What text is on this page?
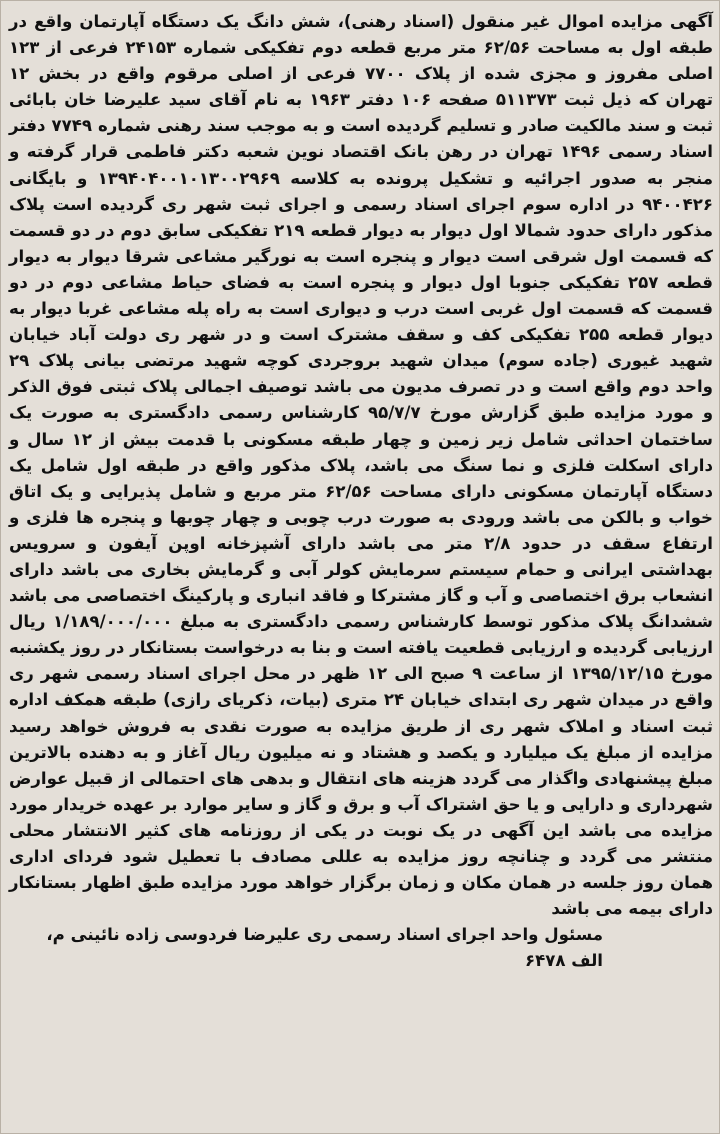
آگهی مزایده اموال غیر منقول (اسناد رهنی)، شش دانگ یک دستگاه آپارتمان واقع در طبقه اول به مساحت ۶۲/۵۶ متر مربع قطعه دوم تفکیکی شماره ۲۴۱۵۳ فرعی از ۱۲۳ اصلی مفروز و مجزی شده از پلاک ۷۷۰۰ فرعی از اصلی مرقوم واقع در بخش ۱۲ تهران که ذیل ثبت ۵۱۱۳۷۳ صفحه ۱۰۶ دفتر ۱۹۶۳ به نام آقای سید علیرضا خان بابائی ثبت و سند مالکیت صادر و تسلیم گردیده است و به موجب سند رهنی شماره ۷۷۴۹ دفتر اسناد رسمی ۱۴۹۶ تهران در رهن بانک اقتصاد نوین شعبه دکتر فاطمی قرار گرفته و منجر به صدور اجرائیه و تشکیل پرونده به کلاسه ۱۳۹۴۰۴۰۰۱۰۱۳۰۰۲۹۶۹ و بایگانی ۹۴۰۰۴۲۶ در اداره سوم اجرای اسناد رسمی و اجرای ثبت شهر ری گردیده است پلاک مذکور دارای حدود شمالا اول دیوار به دیوار قطعه ۲۱۹ تفکیکی سابق دوم در دو قسمت که قسمت اول شرقی است دیوار و پنجره است به نورگیر مشاعی شرقا دیوار به دیوار قطعه ۲۵۷ تفکیکی جنوبا اول دیوار و پنجره است به فضای حیاط مشاعی دوم در دو قسمت که قسمت اول غربی است درب و دیواری است به راه پله مشاعی غربا دیوار به دیوار قطعه ۲۵۵ تفکیکی کف و سقف مشترک است و در شهر ری دولت آباد خیابان شهید غیوری (جاده سوم) میدان شهید بروجردی کوچه شهید مرتضی بیانی پلاک ۲۹ واحد دوم واقع است و در تصرف مدیون می باشد توصیف اجمالی پلاک ثبتی فوق الذکر و مورد مزایده طبق گزارش مورخ ۹۵/۷/۷ کارشناس رسمی دادگستری به صورت یک ساختمان احداثی شامل زیر زمین و چهار طبقه مسکونی با قدمت بیش از ۱۲ سال و دارای اسکلت فلزی و نما سنگ می باشد، پلاک مذکور واقع در طبقه اول شامل یک دستگاه آپارتمان مسکونی دارای مساحت ۶۲/۵۶ متر مربع و شامل پذیرایی و یک اتاق خواب و بالکن می باشد ورودی به صورت درب چوبی و چهار چوبها و پنجره ها فلزی و ارتفاع سقف در حدود ۲/۸ متر می باشد دارای آشپزخانه اوپن آیفون و سرویس بهداشتی ایرانی و حمام سیستم سرمایش کولر آبی و گرمایش بخاری می باشد دارای انشعاب برق اختصاصی و آب و گاز مشترکا و فاقد انباری و پارکینگ اختصاصی می باشد ششدانگ پلاک مذکور توسط کارشناس رسمی دادگستری به مبلغ ۱/۱۸۹/۰۰۰/۰۰۰ ریال ارزیابی گردیده و ارزیابی قطعیت یافته است و بنا به درخواست بستانکار در روز یکشنبه مورخ ۱۳۹۵/۱۲/۱۵ از ساعت ۹ صبح الی ۱۲ ظهر در محل اجرای اسناد رسمی شهر ری واقع در میدان شهر ری ابتدای خیابان ۲۴ متری (بیات، ذکریای رازی) طبقه همکف اداره ثبت اسناد و املاک شهر ری از طریق مزایده به صورت نقدی به فروش خواهد رسید مزایده از مبلغ یک میلیارد و یکصد و هشتاد و نه میلیون ریال آغاز و به دهنده بالاترین مبلغ پیشنهادی واگذار می گردد هزینه های انتقال و بدهی های احتمالی از قبیل عوارض شهرداری و دارایی و یا حق اشتراک آب و برق و گاز و سایر موارد بر عهده خریدار مورد مزایده می باشد این آگهی در یک نوبت در یکی از روزنامه های کثیر الانتشار محلی منتشر می گردد و چنانچه روز مزایده به عللی مصادف با تعطیل شود فردای اداری همان روز جلسه در همان مکان و زمان برگزار خواهد مورد مزایده طبق اظهار بستانکار دارای بیمه می باشد

مسئول واحد اجرای اسناد رسمی ری علیرضا فردوسی زاده نائینی م، الف ۶۴۷۸
